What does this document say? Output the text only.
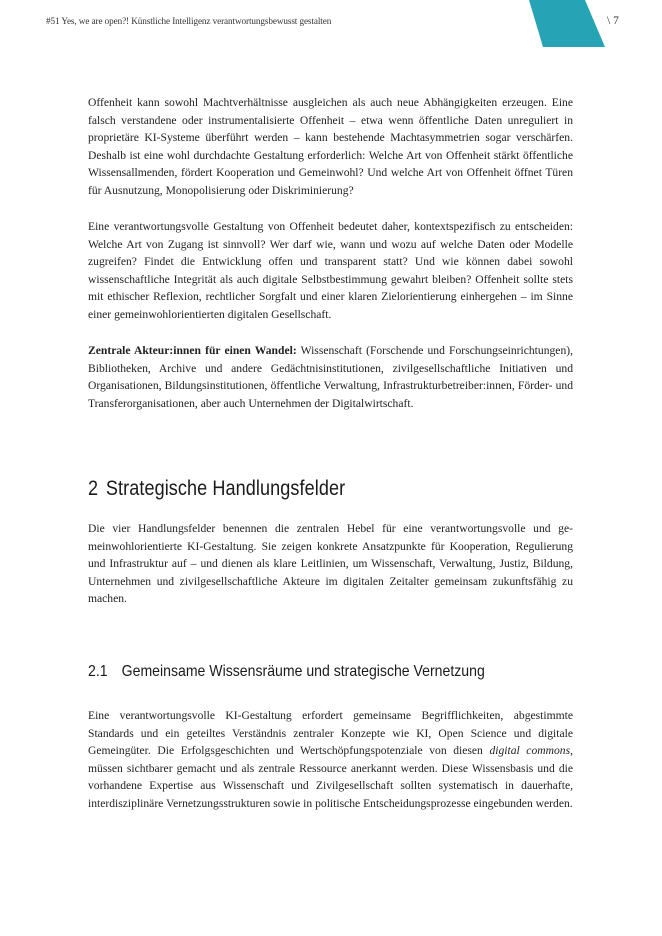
#51 Yes, we are open?! Künstliche Intelligenz verantwortungsbewusst gestalten	\ 7

Offenheit kann sowohl Machtverhältnisse ausgleichen als auch neue Abhängigkeiten erzeugen. Eine falsch verstandene oder instrumentalisierte Offenheit – etwa wenn öffentliche Daten unreguliert in proprietäre KI-Systeme überführt werden – kann bestehende Machtasymmetrien sogar verschärfen. Deshalb ist eine wohl durchdachte Gestaltung erforderlich: Welche Art von Offenheit stärkt öffentliche Wissensallmenden, fördert Kooperation und Gemeinwohl? Und welche Art von Offenheit öffnet Türen für Ausnutzung, Monopolisierung oder Diskriminierung?

Eine verantwortungsvolle Gestaltung von Offenheit bedeutet daher, kontextspezifisch zu entscheiden: Welche Art von Zugang ist sinnvoll? Wer darf wie, wann und wozu auf welche Daten oder Modelle zugreifen? Findet die Entwicklung offen und transparent statt? Und wie können dabei sowohl wissenschaftliche Integrität als auch digitale Selbstbestimmung gewahrt bleiben? Offenheit sollte stets mit ethischer Reflexion, rechtlicher Sorgfalt und einer klaren Zielorientierung einhergehen – im Sinne einer gemeinwohlorientierten digitalen Gesellschaft.

Zentrale Akteur:innen für einen Wandel: Wissenschaft (Forschende und Forschungseinrichtungen), Bibliotheken, Archive und andere Gedächtnisinstitutionen, zivilgesellschaftliche Initiativen und Organisationen, Bildungsinstitutionen, öffentliche Verwaltung, Infrastrukturbetreiber:innen, Förder- und Transferorganisationen, aber auch Unternehmen der Digitalwirtschaft.

2 Strategische Handlungsfelder

Die vier Handlungsfelder benennen die zentralen Hebel für eine verantwortungsvolle und gemeinwohlorientierte KI-Gestaltung. Sie zeigen konkrete Ansatzpunkte für Kooperation, Regulierung und Infrastruktur auf – und dienen als klare Leitlinien, um Wissenschaft, Verwaltung, Justiz, Bildung, Unternehmen und zivilgesellschaftliche Akteure im digitalen Zeitalter gemeinsam zukunftsfähig zu machen.

2.1 Gemeinsame Wissensräume und strategische Vernetzung

Eine verantwortungsvolle KI-Gestaltung erfordert gemeinsame Begrifflichkeiten, abgestimmte Standards und ein geteiltes Verständnis zentraler Konzepte wie KI, Open Science und digitale Gemeingüter. Die Erfolgsgeschichten und Wertschöpfungspotenziale von diesen digital commons, müssen sichtbarer gemacht und als zentrale Ressource anerkannt werden. Diese Wissensbasis und die vorhandene Expertise aus Wissenschaft und Zivilgesellschaft sollten systematisch in dauerhafte, interdisziplinäre Vernetzungsstrukturen sowie in politische Entscheidungsprozesse eingebunden werden.
